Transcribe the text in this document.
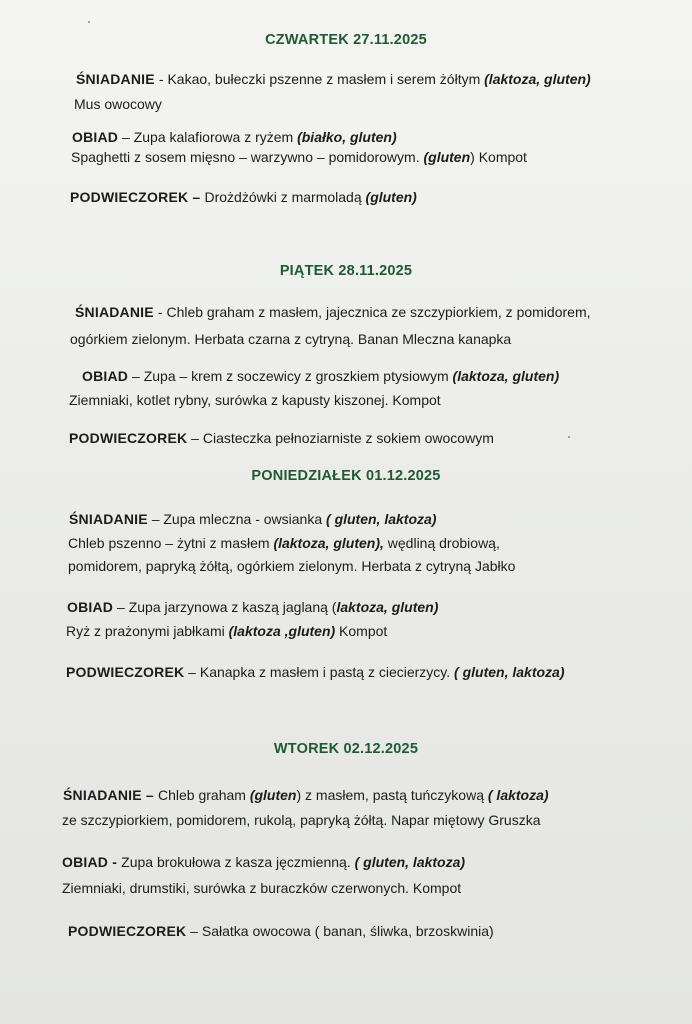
CZWARTEK 27.11.2025
ŚNIADANIE - Kakao, bułeczki pszenne z masłem i serem żółtym (laktoza, gluten)
Mus owocowy
OBIAD – Zupa kalafiorowa z ryżem (białko, gluten)
Spaghetti z sosem mięsno – warzywno – pomidorowym. (gluten) Kompot
PODWIECZOREK – Drożdżówki z marmoladą (gluten)
PIĄTEK 28.11.2025
ŚNIADANIE - Chleb graham z masłem, jajecznica ze szczypiorkiem, z pomidorem,
ogórkiem zielonym. Herbata czarna z cytryną. Banan Mleczna kanapka
OBIAD – Zupa – krem z soczewicy z groszkiem ptysiowym (laktoza, gluten)
Ziemniaki, kotlet rybny, surówka z kapusty kiszonej. Kompot
PODWIECZOREK – Ciasteczka pełnoziarniste z sokiem owocowym
PONIEDZIAŁEK 01.12.2025
ŚNIADANIE – Zupa mleczna - owsianka ( gluten, laktoza)
Chleb pszenno – żytni z masłem (laktoza, gluten), wędliną drobiową,
pomidorem, papryką żółtą, ogórkiem zielonym. Herbata z cytryną Jabłko
OBIAD – Zupa jarzynowa z kaszą jaglaną (laktoza, gluten)
Ryż z prażonymi jabłkami (laktoza ,gluten) Kompot
PODWIECZOREK – Kanapka z masłem i pastą z ciecierzycy. ( gluten, laktoza)
WTOREK 02.12.2025
ŚNIADANIE – Chleb graham (gluten) z masłem, pastą tuńczykową ( laktoza)
ze szczypiorkiem, pomidorem, rukolą, papryką żółtą. Napar miętowy Gruszka
OBIAD - Zupa brokułowa z kasza jęczmienną. ( gluten, laktoza)
Ziemniaki, drumstiki, surówka z buraczków czerwonych. Kompot
PODWIECZOREK – Sałatka owocowa ( banan, śliwka, brzoskwinia)
